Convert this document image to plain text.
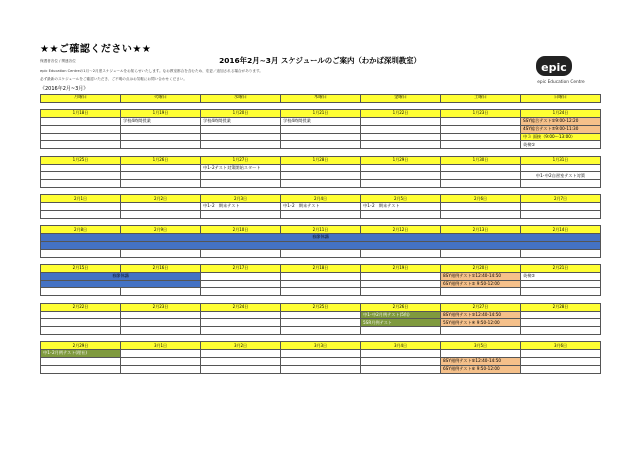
★★ご確認ください★★
保護者各位 / 関連各位
epic Education Centreの1月～2月度スケジュールをお知らせいたします。なお教室都合を含むため、変更／追加される場合があります。
必ず最新のスケジュールをご確認いただき、ご不明の点はお気軽にお問い合わせください。
2016年2月~3月 スケジュールのご案内（わかば深圳教室）
《2016年2月~3月》
epic
epic Education Centre
月曜日	火曜日	水曜日	木曜日	金曜日	土曜日	日曜日

1月18日	1月19日	1月20日	1月21日	1月22日	1月23日	1月24日
	学校4時間授業	学校4時間授業	学校4時間授業			SSY総合テスト①9:00-12:20
						4SY総合テスト⑦9:00-11:30
						中３ 面接（9:00～13:00）
						英検①

1月25日	1月26日	1月27日	1月28日	1月29日	1月30日	1月31日
		中1･2テスト対策開始スタート				
						中1･中2自習室テスト対策

2月1日	2月2日	2月3日	2月4日	2月5日	2月6日	2月7日
		中1･2　期末テスト	中1･2　期末テスト	中1･2　期末テスト		

2月8日	2月9日	2月10日	2月11日	2月12日	2月13日	2月14日
春節休講						

2月15日	2月16日	2月17日	2月18日	2月19日	2月20日	2月21日
春節休講					8SY週例テスト①12:40-14:50	英検②
					6SY週例テスト② 9:50-12:00	

2月22日	2月23日	2月24日	2月25日	2月26日	2月27日	2月28日
				中1･中2月例テスト(5科)	8SY週例テスト③12:40-14:50	
				5SR月例テスト	5SY週例テスト④ 9:50-12:00	

2月29日	3月1日	3月2日	3月3日	3月4日	3月5日	3月6日
中1･2月例テスト(理社)						
					8SY週例テスト⑤12:40-14:50	
					6SY週例テスト⑥ 9:50-12:00	
